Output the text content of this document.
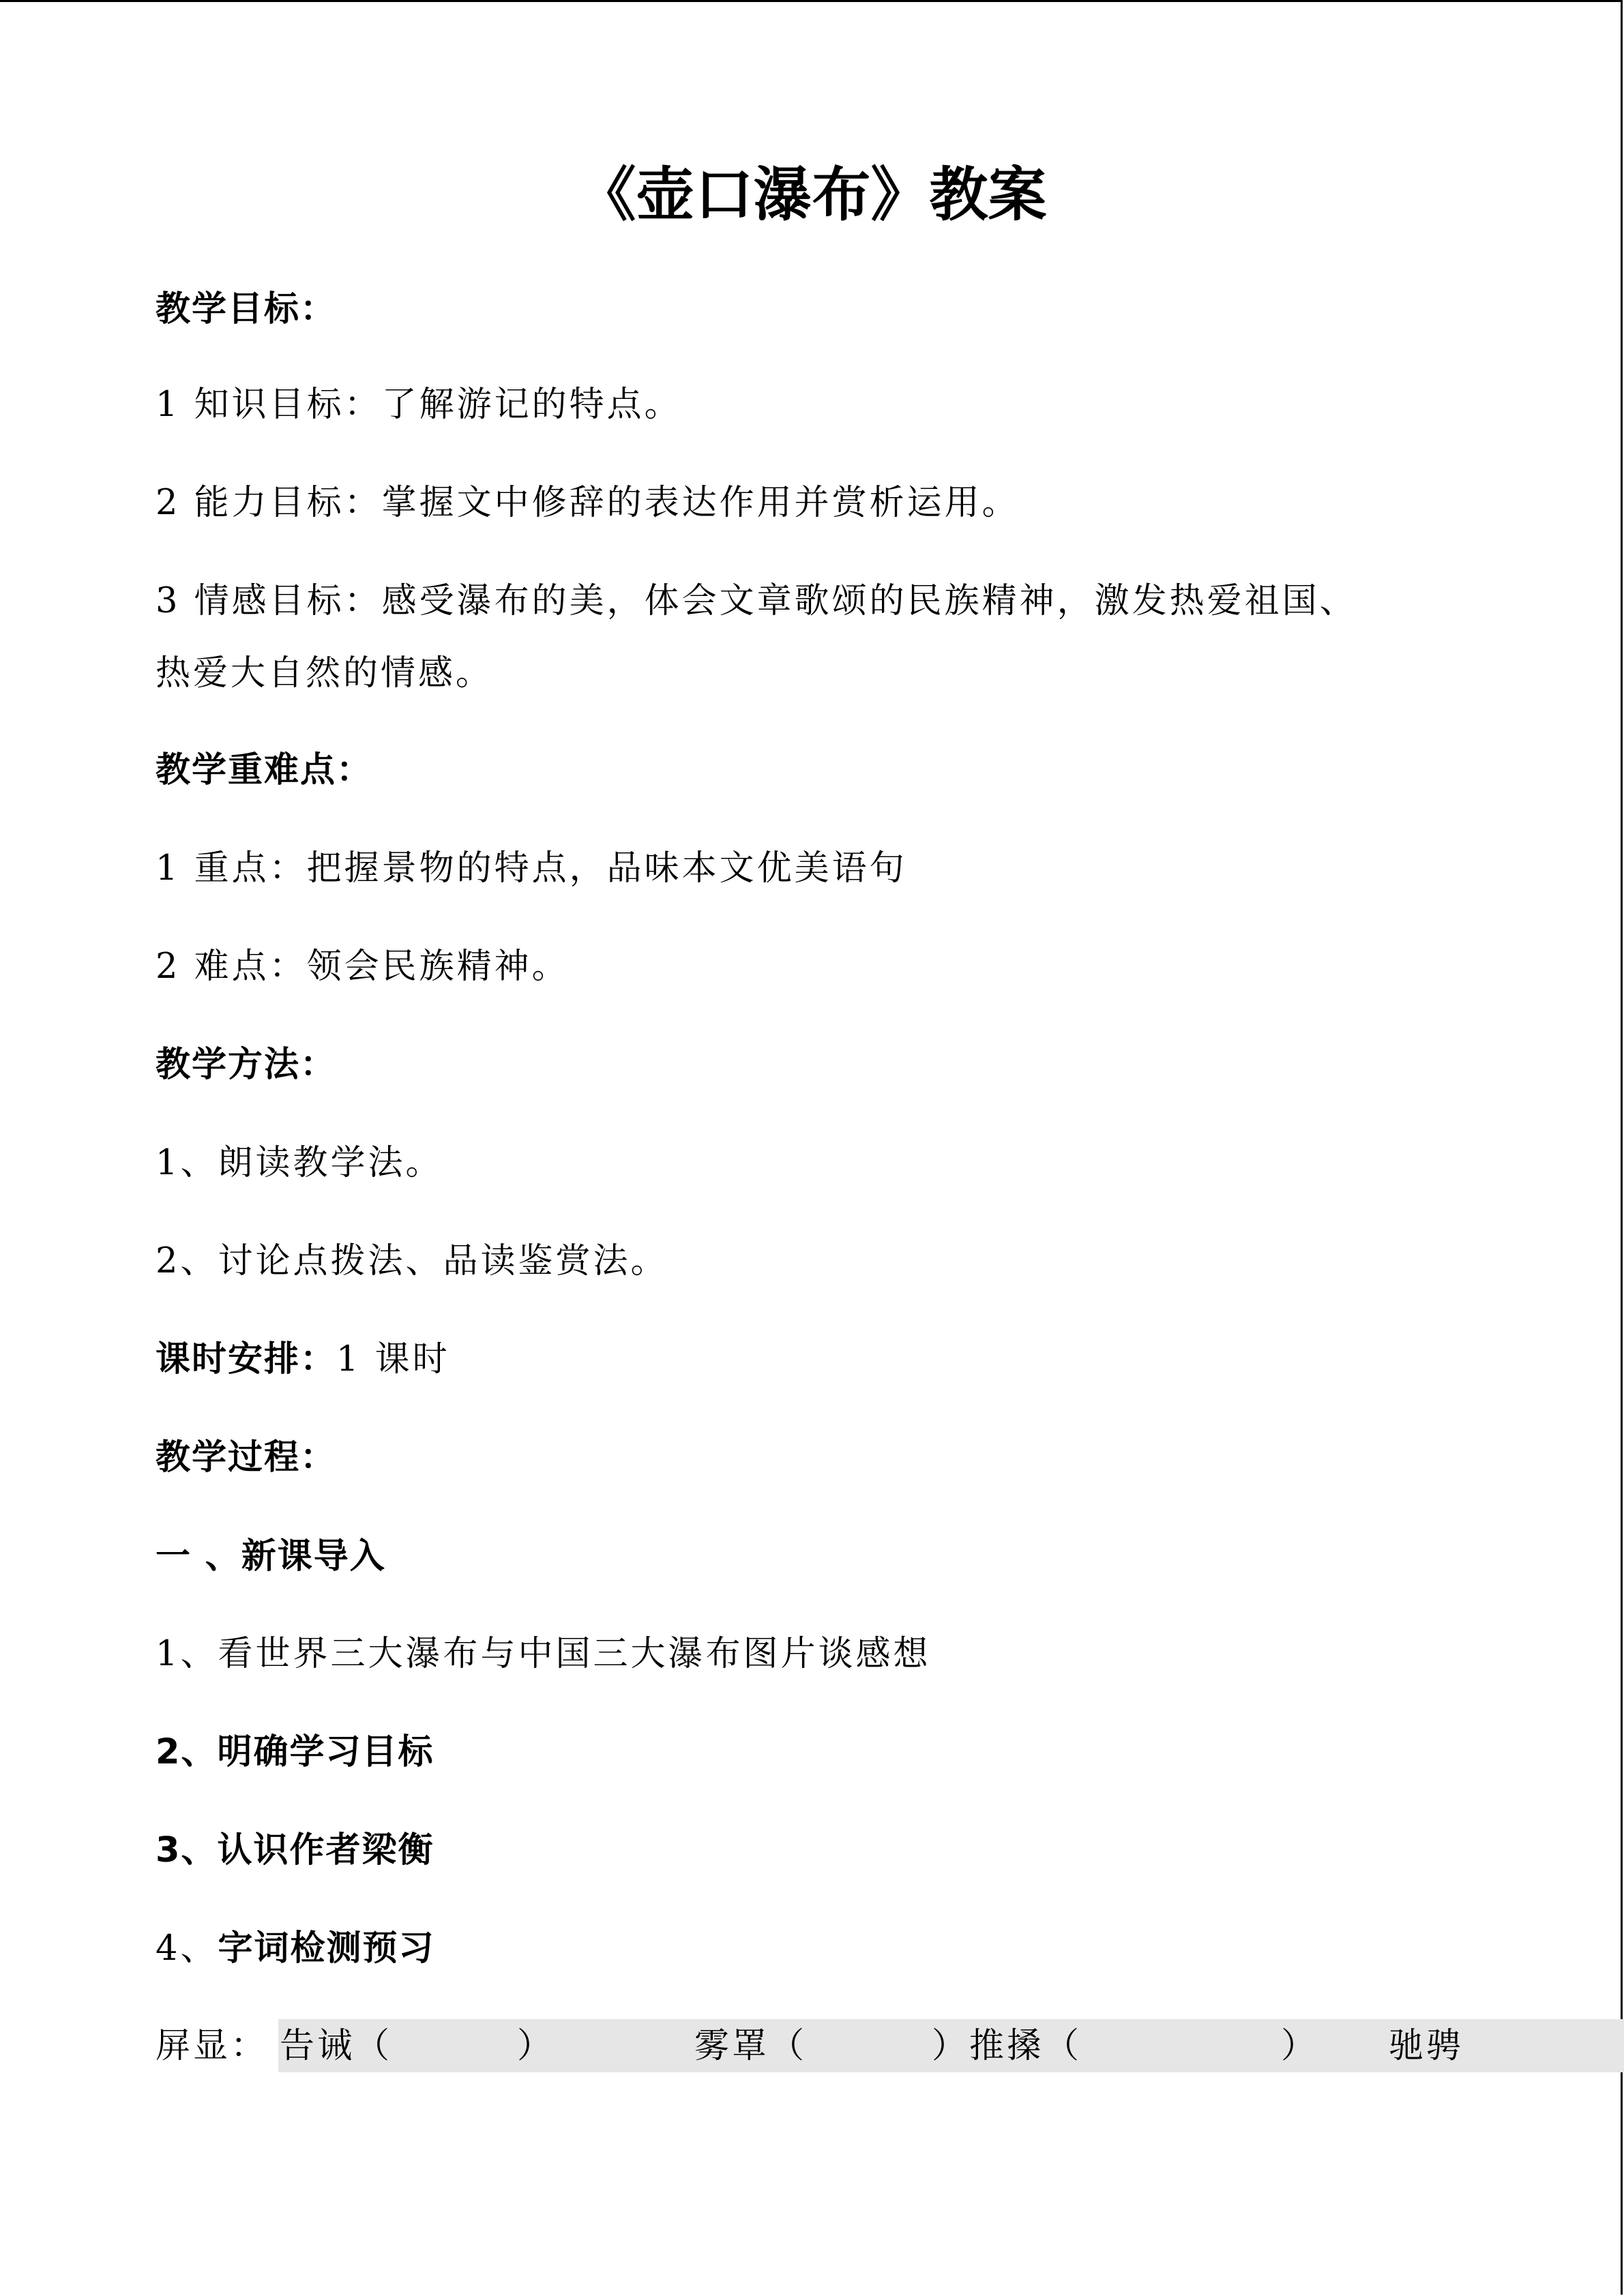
《壶口瀑布》教案
教学目标：
1 知识目标：了解游记的特点。
2 能力目标：掌握文中修辞的表达作用并赏析运用。
3 情感目标：感受瀑布的美，体会文章歌颂的民族精神，激发热爱祖国、
热爱大自然的情感。
教学重难点：
1 重点：把握景物的特点，品味本文优美语句
2 难点：领会民族精神。
教学方法：
1、朗读教学法。
2、讨论点拨法、品读鉴赏法。
课时安排：1 课时
教学过程：
一 、新课导入
1、看世界三大瀑布与中国三大瀑布图片谈感想
2、明确学习目标
3、认识作者梁衡
4、字词检测预习
屏显： 告诫（	）	雾罩（	）推搡（	） 驰骋
